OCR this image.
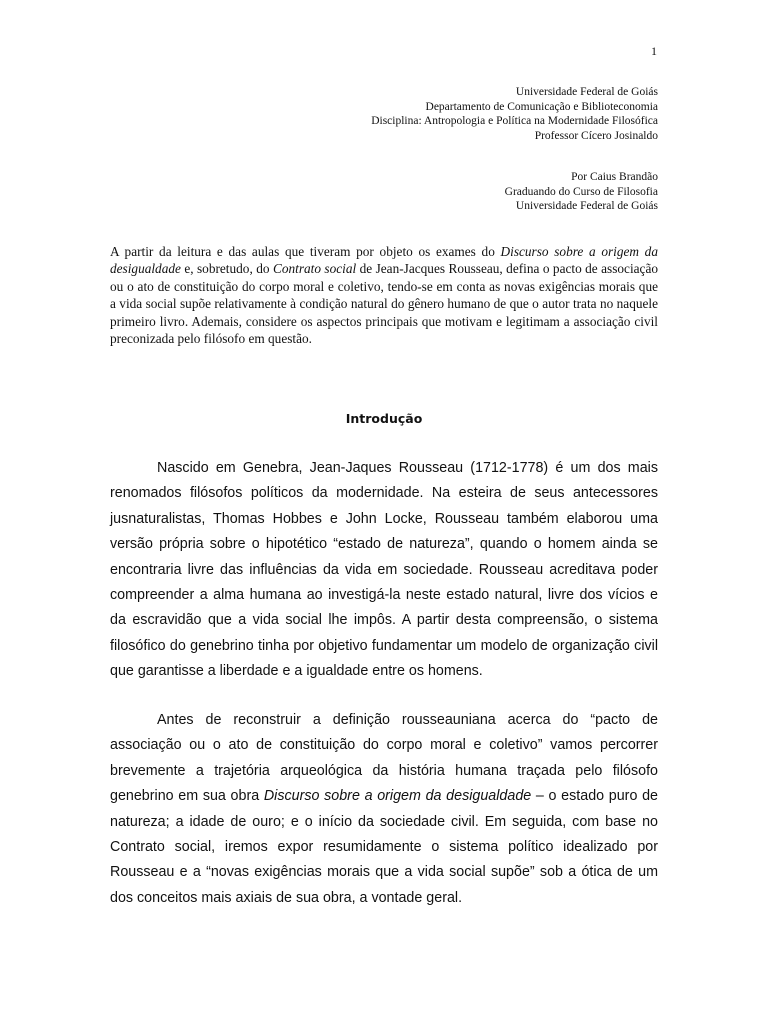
1
Universidade Federal de Goiás
Departamento de Comunicação e Biblioteconomia
Disciplina: Antropologia e Política na Modernidade Filosófica
Professor Cícero Josinaldo
Por Caius Brandão
Graduando do Curso de Filosofia
Universidade Federal de Goiás

A partir da leitura e das aulas que tiveram por objeto os exames do Discurso sobre a origem da desigualdade e, sobretudo, do Contrato social de Jean-Jacques Rousseau, defina o pacto de associação ou o ato de constituição do corpo moral e coletivo, tendo-se em conta as novas exigências morais que a vida social supõe relativamente à condição natural do gênero humano de que o autor trata no naquele primeiro livro. Ademais, considere os aspectos principais que motivam e legitimam a associação civil preconizada pelo filósofo em questão.

Introdução

Nascido em Genebra, Jean-Jaques Rousseau (1712-1778) é um dos mais renomados filósofos políticos da modernidade. Na esteira de seus antecessores jusnaturalistas, Thomas Hobbes e John Locke, Rousseau também elaborou uma versão própria sobre o hipotético “estado de natureza”, quando o homem ainda se encontraria livre das influências da vida em sociedade. Rousseau acreditava poder compreender a alma humana ao investigá-la neste estado natural, livre dos vícios e da escravidão que a vida social lhe impôs. A partir desta compreensão, o sistema filosófico do genebrino tinha por objetivo fundamentar um modelo de organização civil que garantisse a liberdade e a igualdade entre os homens.

Antes de reconstruir a definição rousseauniana acerca do “pacto de associação ou o ato de constituição do corpo moral e coletivo” vamos percorrer brevemente a trajetória arqueológica da história humana traçada pelo filósofo genebrino em sua obra Discurso sobre a origem da desigualdade – o estado puro de natureza; a idade de ouro; e o início da sociedade civil. Em seguida, com base no Contrato social, iremos expor resumidamente o sistema político idealizado por Rousseau e a “novas exigências morais que a vida social supõe” sob a ótica de um dos conceitos mais axiais de sua obra, a vontade geral.
